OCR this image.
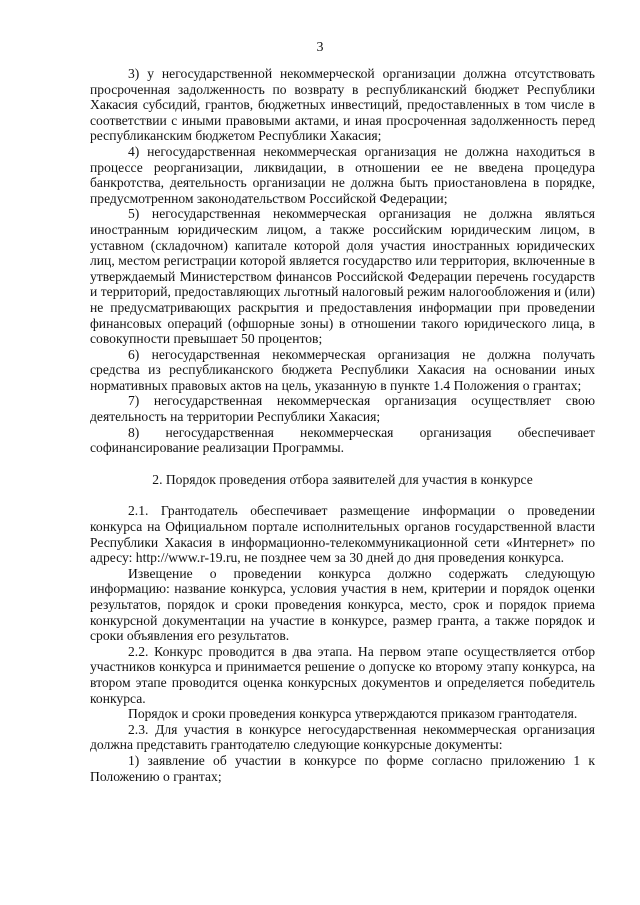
3

3) у негосударственной некоммерческой организации должна отсутствовать просроченная задолженность по возврату в республиканский бюджет Республики Хакасия субсидий, грантов, бюджетных инвестиций, предоставленных в том числе в соответствии с иными правовыми актами, и иная просроченная задолженность перед республиканским бюджетом Республики Хакасия;

4) негосударственная некоммерческая организация не должна находиться в процессе реорганизации, ликвидации, в отношении ее не введена процедура банкротства, деятельность организации не должна быть приостановлена в порядке, предусмотренном законодательством Российской Федерации;

5) негосударственная некоммерческая организация не должна являться иностранным юридическим лицом, а также российским юридическим лицом, в уставном (складочном) капитале которой доля участия иностранных юридических лиц, местом регистрации которой является государство или территория, включенные в утверждаемый Министерством финансов Российской Федерации перечень государств и территорий, предоставляющих льготный налоговый режим налогообложения и (или) не предусматривающих раскрытия и предоставления информации при проведении финансовых операций (офшорные зоны) в отношении такого юридического лица, в совокупности превышает 50 процентов;

6) негосударственная некоммерческая организация не должна получать средства из республиканского бюджета Республики Хакасия на основании иных нормативных правовых актов на цель, указанную в пункте 1.4 Положения о грантах;

7) негосударственная некоммерческая организация осуществляет свою деятельность на территории Республики Хакасия;

8) негосударственная некоммерческая организация обеспечивает софинансирование реализации Программы.

2. Порядок проведения отбора заявителей для участия в конкурсе

2.1. Грантодатель обеспечивает размещение информации о проведении конкурса на Официальном портале исполнительных органов государственной власти Республики Хакасия в информационно-телекоммуникационной сети «Интернет» по адресу: http://www.r-19.ru, не позднее чем за 30 дней до дня проведения конкурса.

Извещение о проведении конкурса должно содержать следующую информацию: название конкурса, условия участия в нем, критерии и порядок оценки результатов, порядок и сроки проведения конкурса, место, срок и порядок приема конкурсной документации на участие в конкурсе, размер гранта, а также порядок и сроки объявления его результатов.

2.2. Конкурс проводится в два этапа. На первом этапе осуществляется отбор участников конкурса и принимается решение о допуске ко второму этапу конкурса, на втором этапе проводится оценка конкурсных документов и определяется победитель конкурса.

Порядок и сроки проведения конкурса утверждаются приказом грантодателя.

2.3. Для участия в конкурсе негосударственная некоммерческая организация должна представить грантодателю следующие конкурсные документы:

1) заявление об участии в конкурсе по форме согласно приложению 1 к Положению о грантах;
